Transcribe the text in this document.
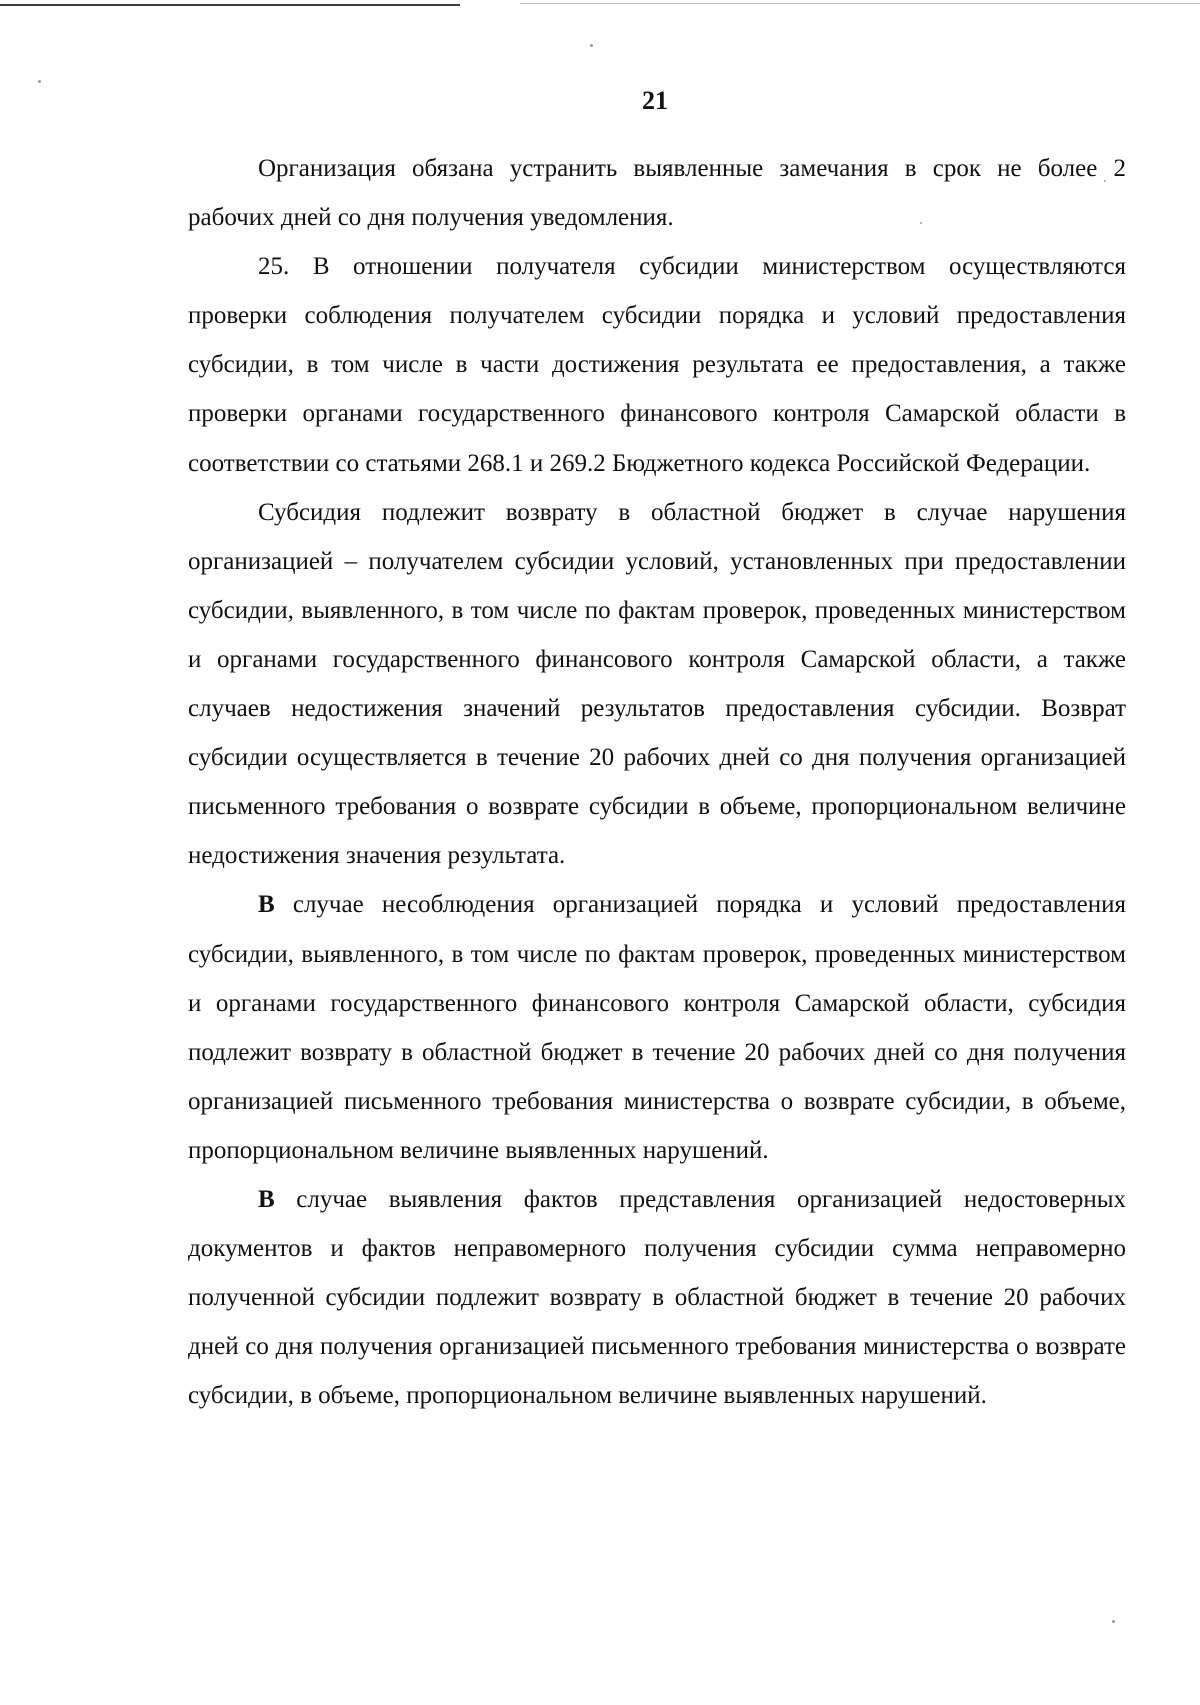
21

Организация обязана устранить выявленные замечания в срок не более 2 рабочих дней со дня получения уведомления.

25. В отношении получателя субсидии министерством осуществляются проверки соблюдения получателем субсидии порядка и условий предоставления субсидии, в том числе в части достижения результата ее предоставления, а также проверки органами государственного финансового контроля Самарской области в соответствии со статьями 268.1 и 269.2 Бюджетного кодекса Российской Федерации.

Субсидия подлежит возврату в областной бюджет в случае нарушения организацией – получателем субсидии условий, установленных при предоставлении субсидии, выявленного, в том числе по фактам проверок, проведенных министерством и органами государственного финансового контроля Самарской области, а также случаев недостижения значений результатов предоставления субсидии. Возврат субсидии осуществляется в течение 20 рабочих дней со дня получения организацией письменного требования о возврате субсидии в объеме, пропорциональном величине недостижения значения результата.

В случае несоблюдения организацией порядка и условий предоставления субсидии, выявленного, в том числе по фактам проверок, проведенных министерством и органами государственного финансового контроля Самарской области, субсидия подлежит возврату в областной бюджет в течение 20 рабочих дней со дня получения организацией письменного требования министерства о возврате субсидии, в объеме, пропорциональном величине выявленных нарушений.

В случае выявления фактов представления организацией недостоверных документов и фактов неправомерного получения субсидии сумма неправомерно полученной субсидии подлежит возврату в областной бюджет в течение 20 рабочих дней со дня получения организацией письменного требования министерства о возврате субсидии, в объеме, пропорциональном величине выявленных нарушений.
